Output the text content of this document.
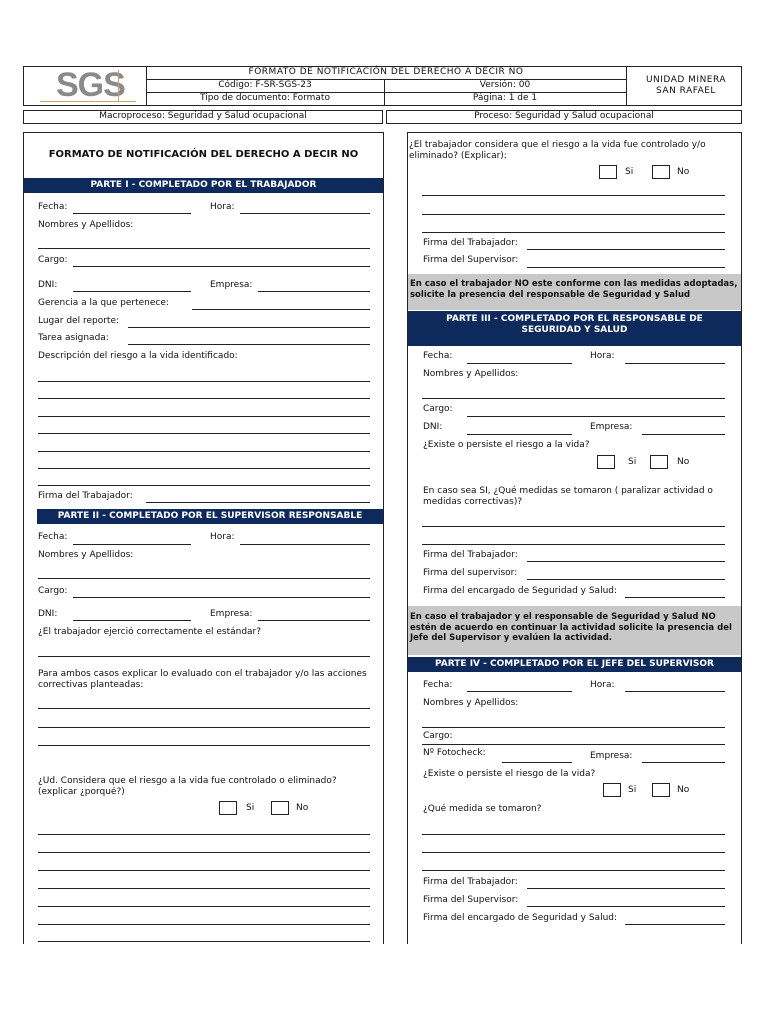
SGS	FORMATO DE NOTIFICACIÓN DEL DERECHO A DECIR NO
Código: F-SR-SGS-23	Versión: 00
Tipo de documento: Formato	Página: 1 de 1
UNIDAD MINERA SAN RAFAEL
Macroproceso: Seguridad y Salud ocupacional	Proceso: Seguridad y Salud ocupacional
FORMATO DE NOTIFICACIÓN DEL DERECHO A DECIR NO
PARTE I - COMPLETADO POR EL TRABAJADOR
Fecha:	Hora:
Nombres y Apellidos:
Cargo:
DNI:	Empresa:
Gerencia a la que pertenece:
Lugar del reporte:
Tarea asignada:
Descripción del riesgo a la vida identificado:
Firma del Trabajador:
PARTE II - COMPLETADO POR EL SUPERVISOR RESPONSABLE
Fecha:	Hora:
Nombres y Apellidos:
Cargo:
DNI:	Empresa:
¿El trabajador ejerció correctamente el estándar?
Para ambos casos explicar lo evaluado con el trabajador y/o las acciones correctivas planteadas:
¿Ud. Considera que el riesgo a la vida fue controlado o eliminado? (explicar ¿porqué?)
Si	No
¿El trabajador considera que el riesgo a la vida fue controlado y/o eliminado? (Explicar):
Si	No
Firma del Trabajador:
Firma del Supervisor:
En caso el trabajador NO este conforme con las medidas adoptadas, solicite la presencia del responsable de Seguridad y Salud
PARTE III - COMPLETADO POR EL RESPONSABLE DE SEGURIDAD Y SALUD
Fecha:	Hora:
Nombres y Apellidos:
Cargo:
DNI:	Empresa:
¿Existe o persiste el riesgo a la vida?
Si	No
En caso sea SI, ¿Qué medidas se tomaron ( paralizar actividad o medidas correctivas)?
Firma del Trabajador:
Firma del supervisor:
Firma del encargado de Seguridad y Salud:
En caso el trabajador y el responsable de Seguridad y Salud NO estén de acuerdo en continuar la actividad solicite la presencia del Jefe del Supervisor y evalúen la actividad.
PARTE IV - COMPLETADO POR EL JEFE DEL SUPERVISOR
Fecha:	Hora:
Nombres y Apellidos:
Cargo:
Nº Fotocheck:	Empresa:
¿Existe o persiste el riesgo de la vida?
Si	No
¿Qué medida se tomaron?
Firma del Trabajador:
Firma del Supervisor:
Firma del encargado de Seguridad y Salud:
